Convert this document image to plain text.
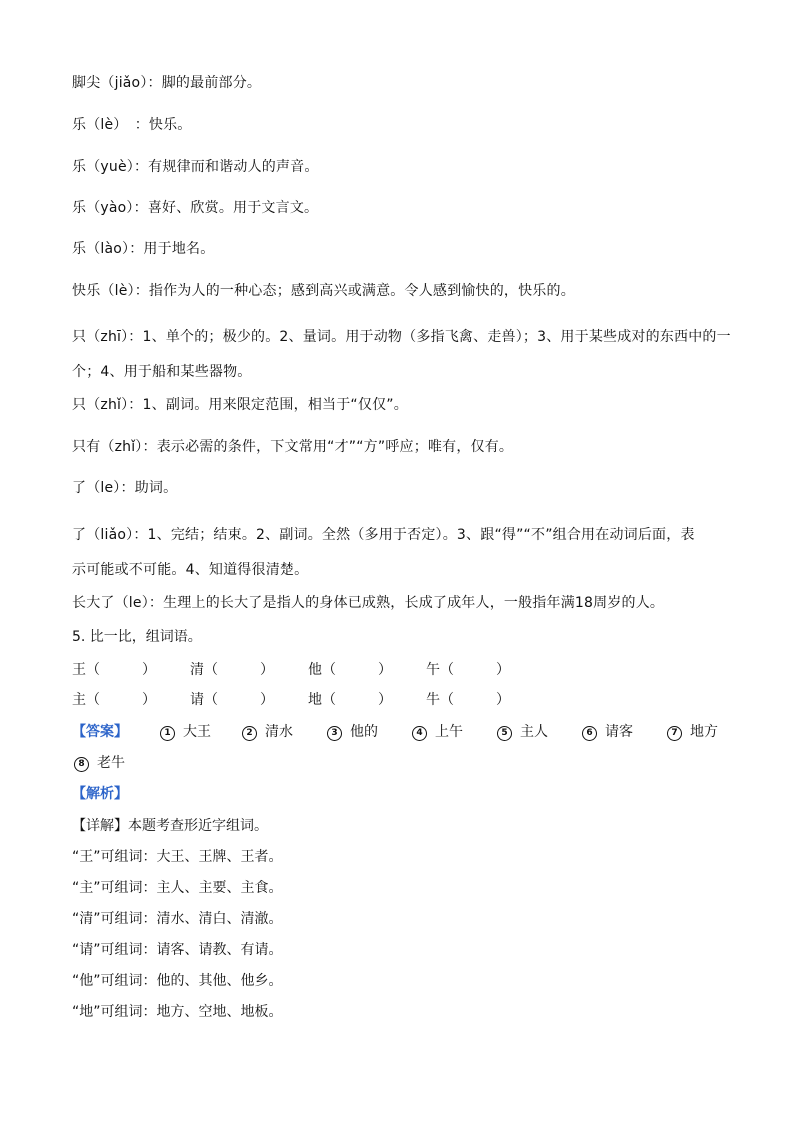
脚尖（jiǎo）：脚的最前部分。
乐（lè）　：快乐。
乐（yuè）：有规律而和谐动人的声音。
乐（yào）：喜好、欣赏。用于文言文。
乐（lào）：用于地名。
快乐（lè）：指作为人的一种心态；感到高兴或满意。令人感到愉快的，快乐的。
只（zhī）：1、单个的；极少的。2、量词。用于动物（多指飞禽、走兽）；3、用于某些成对的东西中的一
个；4、用于船和某些器物。
只（zhǐ）：1、副词。用来限定范围，相当于“仅仅”。
只有（zhǐ）：表示必需的条件，下文常用“才”“方”呼应；唯有，仅有。
了（le）：助词。
了（liǎo）：1、完结；结束。2、副词。全然（多用于否定）。3、跟“得”“不”组合用在动词后面，表
示可能或不可能。4、知道得很清楚。
长大了（le）：生理上的长大了是指人的身体已成熟，长成了成年人，一般指年满18周岁的人。
5. 比一比，组词语。
王（　　　） 清（　　　） 他（　　　） 午（　　　）
主（　　　） 请（　　　） 地（　　　） 牛（　　　）
【答案】	1 大王	2 清水	3 他的	4 上午	5 主人	6 请客	7 地方
8 老牛
【解析】
【详解】本题考查形近字组词。
“王”可组词：大王、王牌、王者。
“主”可组词：主人、主要、主食。
“清”可组词：清水、清白、清澈。
“请”可组词：请客、请教、有请。
“他”可组词：他的、其他、他乡。
“地”可组词：地方、空地、地板。
